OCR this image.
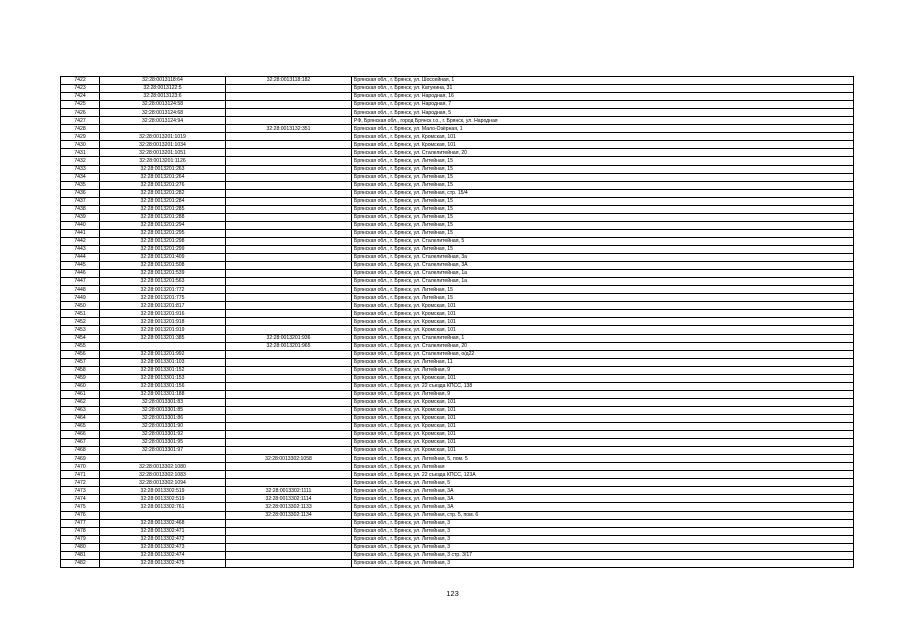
7422	32:28:0013118:64	32:28:0013118:182	Брянская обл., г. Брянск, ул. Шоссейная, 1
7423	32:28:0013122:5		Брянская обл., г. Брянск, ул. Катунина, 31
7424	32:28:0013123:6		Брянская обл., г. Брянск, ул. Народная, 16
7425	32:28:0013124:58		Брянская обл., г. Брянск, ул. Народная, 7
7426	32:28:0013124:68		Брянская обл., г. Брянск, ул. Народная, 5
7427	32:28:0013124:94		РФ, Брянская обл., город Брянск г.о., г. Брянск, ул. Народная
7428		32:28:0013132:351	Брянская обл., г. Брянск, ул. Мало-Озёрная, 1
7429	32:28:0013201:1019		Брянская обл., г. Брянск, ул. Кромская, 101
7430	32:28:0013201:1034		Брянская обл., г. Брянск, ул. Кромская, 101
7431	32:28:0013201:1051		Брянская обл., г. Брянск, ул. Сталелитейная, 20
7432	32:28:0013201:1126		Брянская обл., г. Брянск, ул. Литейная, 15
7433	32:28:0013201:263		Брянская обл., г. Брянск, ул. Литейная, 15
7434	32:28:0013201:264		Брянская обл., г. Брянск, ул. Литейная, 15
7435	32:28:0013201:276		Брянская обл., г. Брянск, ул. Литейная, 15
7436	32:28:0013201:282		Брянская обл., г. Брянск, ул. Литейная, стр. 15/4
7437	32:28:0013201:284		Брянская обл., г. Брянск, ул. Литейная, 15
7438	32:28:0013201:285		Брянская обл., г. Брянск, ул. Литейная, 15
7439	32:28:0013201:288		Брянская обл., г. Брянск, ул. Литейная, 15
7440	32:28:0013201:294		Брянская обл., г. Брянск, ул. Литейная, 15
7441	32:28:0013201:295		Брянская обл., г. Брянск, ул. Литейная, 15
7442	32:28:0013201:298		Брянская обл., г. Брянск, ул. Сталелитейная, 5
7443	32:28:0013201:299		Брянская обл., г. Брянск, ул. Литейная, 15
7444	32:28:0013201:409		Брянская обл., г. Брянск, ул. Сталелитейная, 3а
7445	32:28:0013201:508		Брянская обл., г. Брянск, ул. Сталелитейная, 3А
7446	32:28:0013201:539		Брянская обл., г. Брянск, ул. Сталелитейная, 1а
7447	32:28:0013201:563		Брянская обл., г. Брянск, ул. Сталелитейная, 1а
7448	32:28:0013201:772		Брянская обл., г. Брянск, ул. Литейная, 15
7449	32:28:0013201:775		Брянская обл., г. Брянск, ул. Литейная, 15
7450	32:28:0013201:817		Брянская обл., г. Брянск, ул. Кромская, 101
7451	32:28:0013201:916		Брянская обл., г. Брянск, ул. Кромская, 101
7452	32:28:0013201:918		Брянская обл., г. Брянск, ул. Кромская, 101
7453	32:28:0013201:919		Брянская обл., г. Брянск, ул. Кромская, 101
7454	32:28:0013201:385	32:28:0013201:936	Брянская обл., г. Брянск, ул. Сталелитейная, 1
7455		32:28:0013201:965	Брянская обл., г. Брянск, ул. Сталелитейная, 20
7456	32:28:0013201:992		Брянская обл., г. Брянск, ул. Сталелитейная, о/д22
7457	32:28:0013301:103		Брянская обл., г. Брянск, ул. Литейная, 11
7458	32:28:0013301:152		Брянская обл., г. Брянск, ул. Литейная, 9
7459	32:28:0013301:153		Брянская обл., г. Брянск, ул. Кромская, 101
7460	32:28:0013301:156		Брянская обл., г. Брянск, ул. 22 съезда КПСС, 138
7461	32:28:0013301:188		Брянская обл., г. Брянск, ул. Литейная, 9
7462	32:28:0013301:83		Брянская обл., г. Брянск, ул. Кромская, 101
7463	32:28:0013301:85		Брянская обл., г. Брянск, ул. Кромская, 101
7464	32:28:0013301:86		Брянская обл., г. Брянск, ул. Кромская, 101
7465	32:28:0013301:90		Брянская обл., г. Брянск, ул. Кромская, 101
7466	32:28:0013301:92		Брянская обл., г. Брянск, ул. Кромская, 101
7467	32:28:0013301:95		Брянская обл., г. Брянск, ул. Кромская, 101
7468	32:28:0013301:97		Брянская обл., г. Брянск, ул. Кромская, 101
7469		32:28:0013302:1058	Брянская обл., г. Брянск, ул. Литейная, 5, пом. 5
7470	32:28:0013302:1080		Брянская обл., г. Брянск, ул. Литейная
7471	32:28:0013302:1083		Брянская обл., г. Брянск, ул. 22 съезда КПСС, 123А
7472	32:28:0013302:1094		Брянская обл., г. Брянск, ул. Литейная, 5
7473	32:28:0013302:519	32:28:0013302:1111	Брянская обл., г. Брянск, ул. Литейная, 3А
7474	32:28:0013302:519	32:28:0013302:1114	Брянская обл., г. Брянск, ул. Литейная, 3А
7475	32:28:0013302:761	32:28:0013302:1133	Брянская обл., г. Брянск, ул. Литейная, 3А
7476		32:28:0013302:1134	Брянская обл., г. Брянск, ул. Литейная, стр. 5, пом. 6
7477	32:28:0013302:468		Брянская обл., г. Брянск, ул. Литейная, 3
7478	32:28:0013302:471		Брянская обл., г. Брянск, ул. Литейная, 3
7479	32:28:0013302:472		Брянская обл., г. Брянск, ул. Литейная, 3
7480	32:28:0013302:473		Брянская обл., г. Брянск, ул. Литейная, 3
7481	32:28:0013302:474		Брянская обл., г. Брянск, ул. Литейная, 3 стр. 3/17
7482	32:28:0013302:475		Брянская обл., г. Брянск, ул. Литейная, 3
123
